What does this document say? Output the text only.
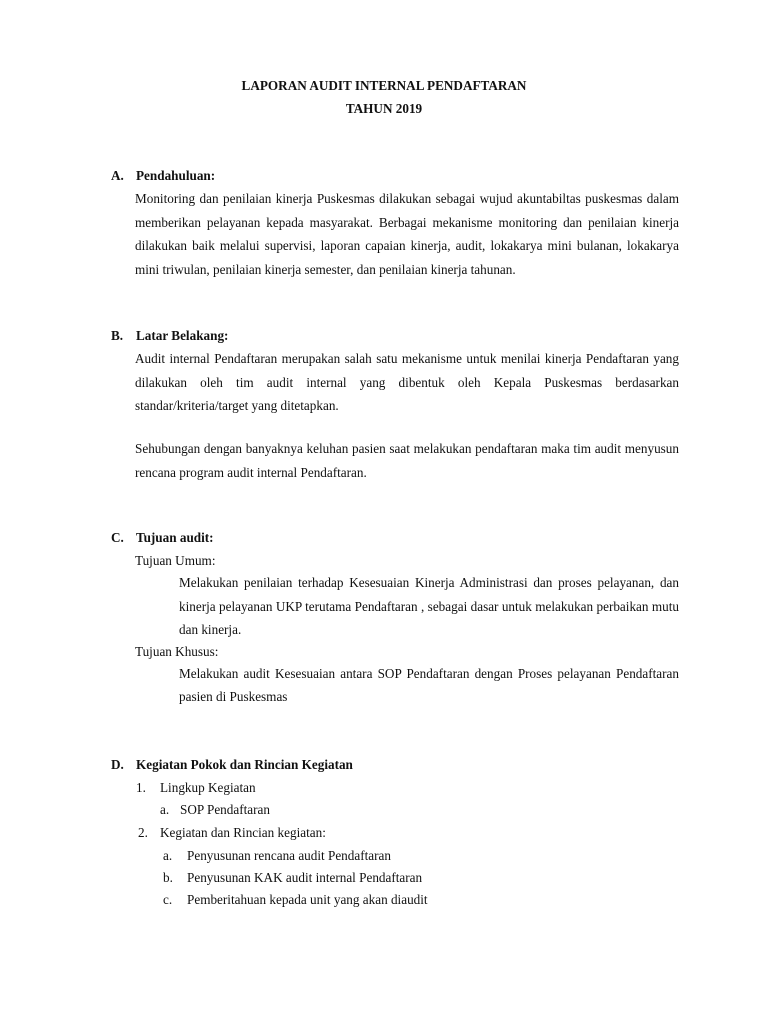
LAPORAN AUDIT INTERNAL PENDAFTARAN
TAHUN 2019
A. Pendahuluan:
Monitoring dan penilaian kinerja Puskesmas dilakukan sebagai wujud akuntabiltas puskesmas dalam memberikan pelayanan kepada masyarakat. Berbagai mekanisme monitoring dan penilaian kinerja dilakukan baik melalui supervisi, laporan capaian kinerja, audit, lokakarya mini bulanan, lokakarya mini triwulan, penilaian kinerja semester, dan penilaian kinerja tahunan.
B. Latar Belakang:
Audit internal Pendaftaran merupakan salah satu mekanisme untuk menilai kinerja Pendaftaran yang dilakukan oleh tim audit internal yang dibentuk oleh Kepala Puskesmas berdasarkan standar/kriteria/target yang ditetapkan.
Sehubungan dengan banyaknya keluhan pasien saat melakukan pendaftaran maka tim audit menyusun rencana program audit internal Pendaftaran.
C. Tujuan audit:
Tujuan Umum:
Melakukan penilaian terhadap Kesesuaian Kinerja Administrasi dan proses pelayanan, dan kinerja pelayanan UKP terutama Pendaftaran , sebagai dasar untuk melakukan perbaikan mutu dan kinerja.
Tujuan Khusus:
Melakukan audit Kesesuaian antara SOP Pendaftaran dengan Proses pelayanan Pendaftaran pasien di Puskesmas
D. Kegiatan Pokok dan Rincian Kegiatan
1. Lingkup Kegiatan
a. SOP Pendaftaran
2. Kegiatan dan Rincian kegiatan:
a. Penyusunan rencana audit Pendaftaran
b. Penyusunan KAK audit internal Pendaftaran
c. Pemberitahuan kepada unit yang akan diaudit
